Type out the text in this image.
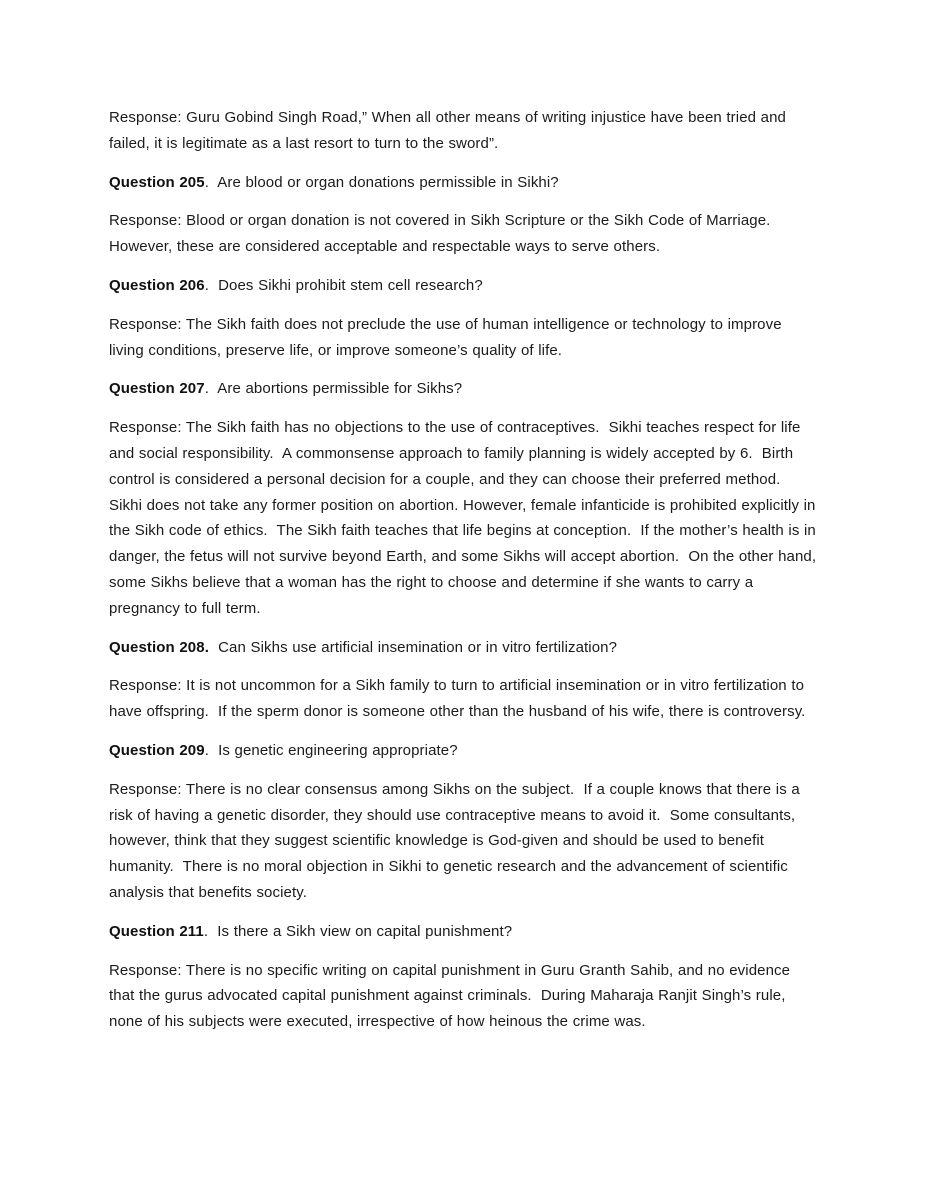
Response: Guru Gobind Singh Road,” When all other means of writing injustice have been tried and failed, it is legitimate as a last resort to turn to the sword”.

Question 205.  Are blood or organ donations permissible in Sikhi?

Response: Blood or organ donation is not covered in Sikh Scripture or the Sikh Code of Marriage.  However, these are considered acceptable and respectable ways to serve others.

Question 206.  Does Sikhi prohibit stem cell research?

Response: The Sikh faith does not preclude the use of human intelligence or technology to improve living conditions, preserve life, or improve someone’s quality of life.

Question 207.  Are abortions permissible for Sikhs?

Response: The Sikh faith has no objections to the use of contraceptives.  Sikhi teaches respect for life and social responsibility.  A commonsense approach to family planning is widely accepted by 6.  Birth control is considered a personal decision for a couple, and they can choose their preferred method.  Sikhi does not take any former position on abortion. However, female infanticide is prohibited explicitly in the Sikh code of ethics.  The Sikh faith teaches that life begins at conception.  If the mother’s health is in danger, the fetus will not survive beyond Earth, and some Sikhs will accept abortion.  On the other hand, some Sikhs believe that a woman has the right to choose and determine if she wants to carry a pregnancy to full term.

Question 208.  Can Sikhs use artificial insemination or in vitro fertilization?

Response: It is not uncommon for a Sikh family to turn to artificial insemination or in vitro fertilization to have offspring.  If the sperm donor is someone other than the husband of his wife, there is controversy.

Question 209.  Is genetic engineering appropriate?

Response: There is no clear consensus among Sikhs on the subject.  If a couple knows that there is a risk of having a genetic disorder, they should use contraceptive means to avoid it.  Some consultants, however, think that they suggest scientific knowledge is God-given and should be used to benefit humanity.  There is no moral objection in Sikhi to genetic research and the advancement of scientific analysis that benefits society.

Question 211.  Is there a Sikh view on capital punishment?

Response: There is no specific writing on capital punishment in Guru Granth Sahib, and no evidence that the gurus advocated capital punishment against criminals.  During Maharaja Ranjit Singh’s rule, none of his subjects were executed, irrespective of how heinous the crime was.
